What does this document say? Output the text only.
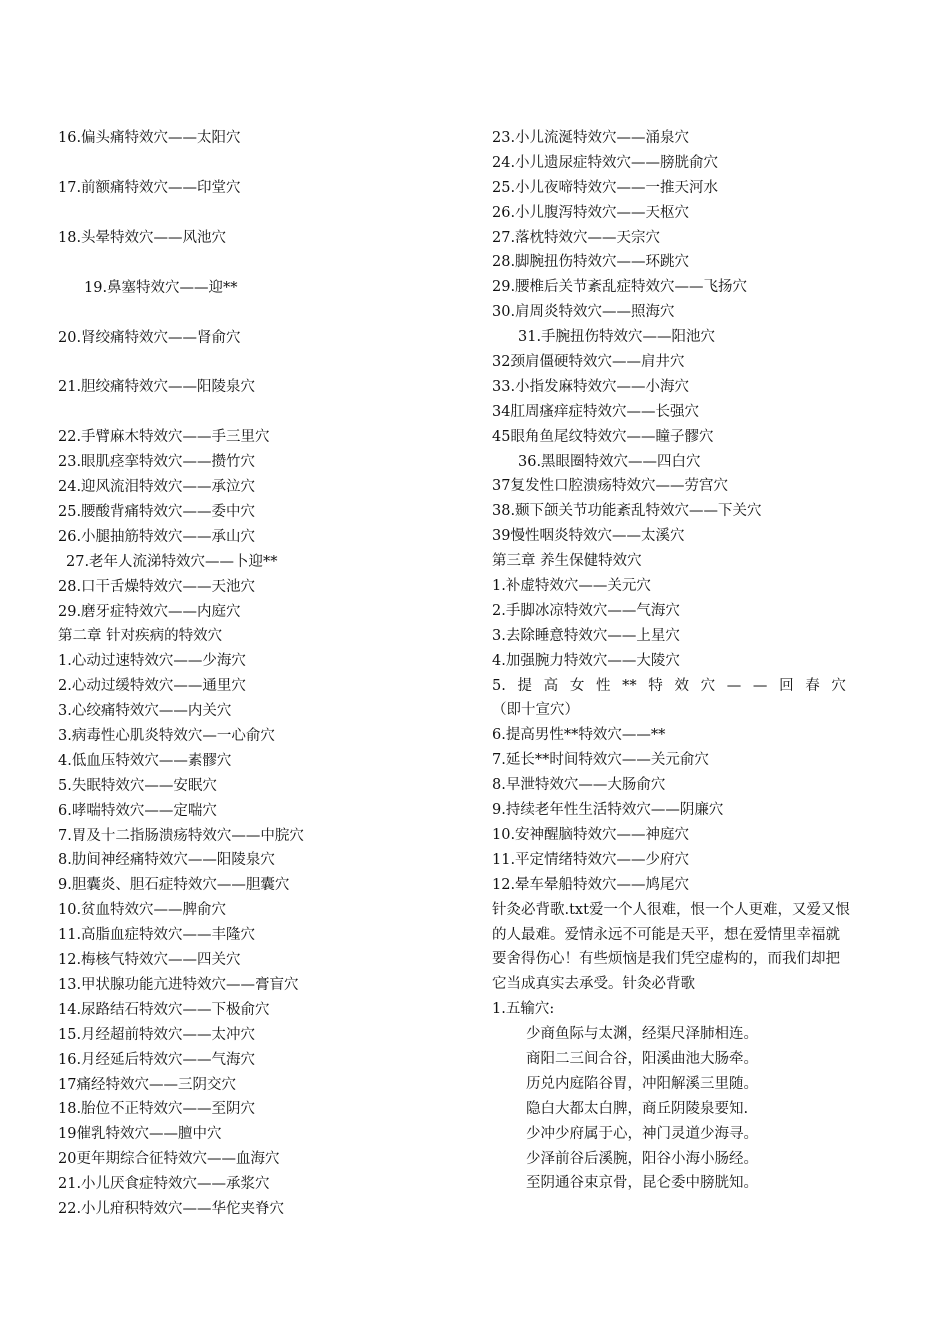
16.偏头痛特效穴——太阳穴
17.前额痛特效穴——印堂穴
18.头晕特效穴——风池穴
19.鼻塞特效穴——迎**
20.肾绞痛特效穴——肾俞穴
21.胆绞痛特效穴——阳陵泉穴
22.手臂麻木特效穴——手三里穴
23.眼肌痉挛特效穴——攒竹穴
24.迎风流泪特效穴——承泣穴
25.腰酸背痛特效穴——委中穴
26.小腿抽筋特效穴——承山穴
27.老年人流涕特效穴——卜迎**
28.口干舌燥特效穴——天池穴
29.磨牙症特效穴——内庭穴
第二章 针对疾病的特效穴
1.心动过速特效穴——少海穴
2.心动过缓特效穴——通里穴
3.心绞痛特效穴——内关穴
3.病毒性心肌炎特效穴—一心俞穴
4.低血压特效穴——素髎穴
5.失眠特效穴——安眠穴
6.哮喘特效穴——定喘穴
7.胃及十二指肠溃疡特效穴——中脘穴
8.肋间神经痛特效穴——阳陵泉穴
9.胆囊炎、胆石症特效穴——胆囊穴
10.贫血特效穴——脾俞穴
11.高脂血症特效穴——丰隆穴
12.梅核气特效穴——四关穴
13.甲状腺功能亢进特效穴——膏盲穴
14.尿路结石特效穴——下极俞穴
15.月经超前特效穴——太冲穴
16.月经延后特效穴——气海穴
17痛经特效穴——三阴交穴
18.胎位不正特效穴——至阴穴
19催乳特效穴——膻中穴
20更年期综合征特效穴——血海穴
21.小儿厌食症特效穴——承浆穴
22.小儿疳积特效穴——华佗夹脊穴
23.小儿流涎特效穴——涌泉穴
24.小儿遗尿症特效穴——膀胱俞穴
25.小儿夜啼特效穴——一推天河水
26.小儿腹泻特效穴——天枢穴
27.落枕特效穴——天宗穴
28.脚腕扭伤特效穴——环跳穴
29.腰椎后关节紊乱症特效穴——飞扬穴
30.肩周炎特效穴——照海穴
31.手腕扭伤特效穴——阳池穴
32颈肩僵硬特效穴——肩井穴
33.小指发麻特效穴——小海穴
34肛周瘙痒症特效穴——长强穴
45眼角鱼尾纹特效穴——瞳子髎穴
36.黑眼圈特效穴——四白穴
37复发性口腔溃疡特效穴——劳宫穴
38.颞下颌关节功能紊乱特效穴——下关穴
39慢性咽炎特效穴——太溪穴
第三章 养生保健特效穴
1.补虚特效穴——关元穴
2.手脚冰凉特效穴——气海穴
3.去除睡意特效穴——上星穴
4.加强腕力特效穴——大陵穴
5. 提 高 女 性 ** 特 效 穴 — — 回 春 穴
（即十宣穴）
6.提高男性**特效穴——**
7.延长**时间特效穴——关元俞穴
8.早泄特效穴——大肠俞穴
9.持续老年性生活特效穴——阴廉穴
10.安神醒脑特效穴——神庭穴
11.平定情绪特效穴——少府穴
12.晕车晕船特效穴——鸠尾穴
针灸必背歌.txt爱一个人很难，恨一个人更难，又爱又恨的人最难。爱情永远不可能是天平，想在爱情里幸福就要舍得伤心！有些烦恼是我们凭空虚构的，而我们却把它当成真实去承受。针灸必背歌
1.五输穴:
少商鱼际与太渊，经渠尺泽肺相连。
商阳二三间合谷，阳溪曲池大肠牵。
历兑内庭陷谷胃，冲阳解溪三里随。
隐白大都太白脾，商丘阴陵泉要知.
少冲少府属于心，神门灵道少海寻。
少泽前谷后溪腕，阳谷小海小肠经。
至阴通谷束京骨，昆仑委中膀胱知。
